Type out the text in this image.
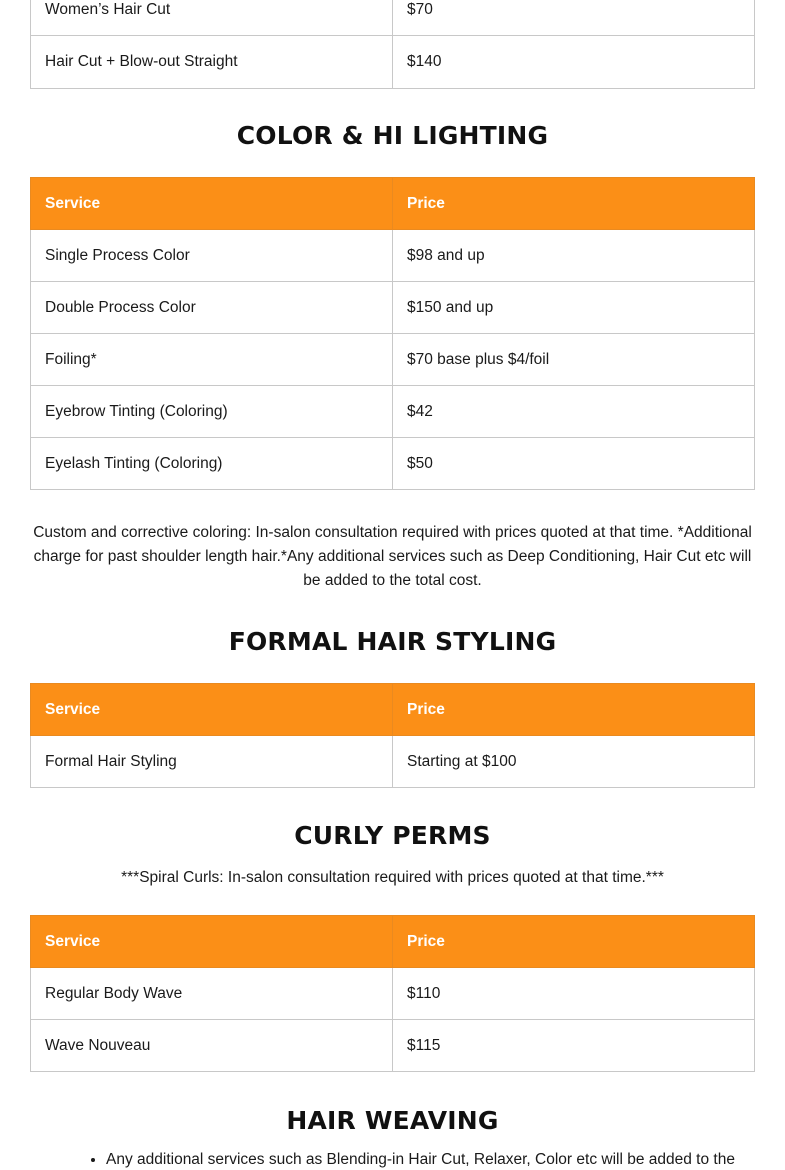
Women’s Hair Cut	$70
Hair Cut + Blow-out Straight	$140
COLOR & HI LIGHTING
Service	Price
Single Process Color	$98 and up
Double Process Color	$150 and up
Foiling*	$70 base plus $4/foil
Eyebrow Tinting (Coloring)	$42
Eyelash Tinting (Coloring)	$50

Custom and corrective coloring: In-salon consultation required with prices quoted at that time. *Additional charge for past shoulder length hair.*Any additional services such as Deep Conditioning, Hair Cut etc will be added to the total cost.

FORMAL HAIR STYLING
Service	Price
Formal Hair Styling	Starting at $100
CURLY PERMS

***Spiral Curls: In-salon consultation required with prices quoted at that time.***

Service	Price
Regular Body Wave	$110
Wave Nouveau	$115
HAIR WEAVING
• Any additional services such as Blending-in Hair Cut, Relaxer, Color etc will be added to the
